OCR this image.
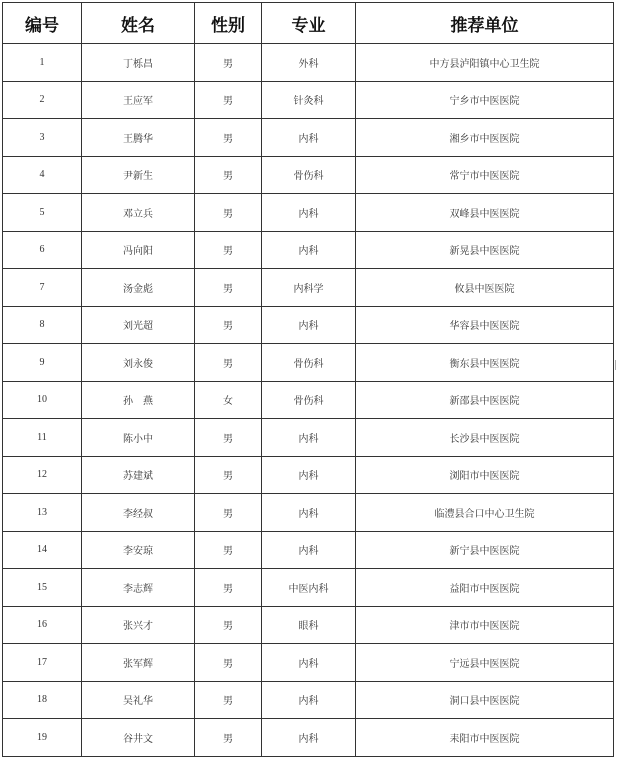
编号	姓名	性别	专业	推荐单位
1	丁栎昌	男	外科	中方县泸阳镇中心卫生院
2	王应军	男	针灸科	宁乡市中医医院
3	王腾华	男	内科	湘乡市中医医院
4	尹新生	男	骨伤科	常宁市中医医院
5	邓立兵	男	内科	双峰县中医医院
6	冯向阳	男	内科	新晃县中医医院
7	汤金彪	男	内科学	攸县中医医院
8	刘光超	男	内科	华容县中医医院
9	刘永俊	男	骨伤科	衡东县中医医院
10	孙　燕	女	骨伤科	新邵县中医医院
11	陈小中	男	内科	长沙县中医医院
12	苏建斌	男	内科	浏阳市中医医院
13	李经叔	男	内科	临澧县合口中心卫生院
14	李安琼	男	内科	新宁县中医医院
15	李志辉	男	中医内科	益阳市中医医院
16	张兴才	男	眼科	津市市中医医院
17	张军辉	男	内科	宁远县中医医院
18	吴礼华	男	内科	洞口县中医医院
19	谷井文	男	内科	耒阳市中医医院
